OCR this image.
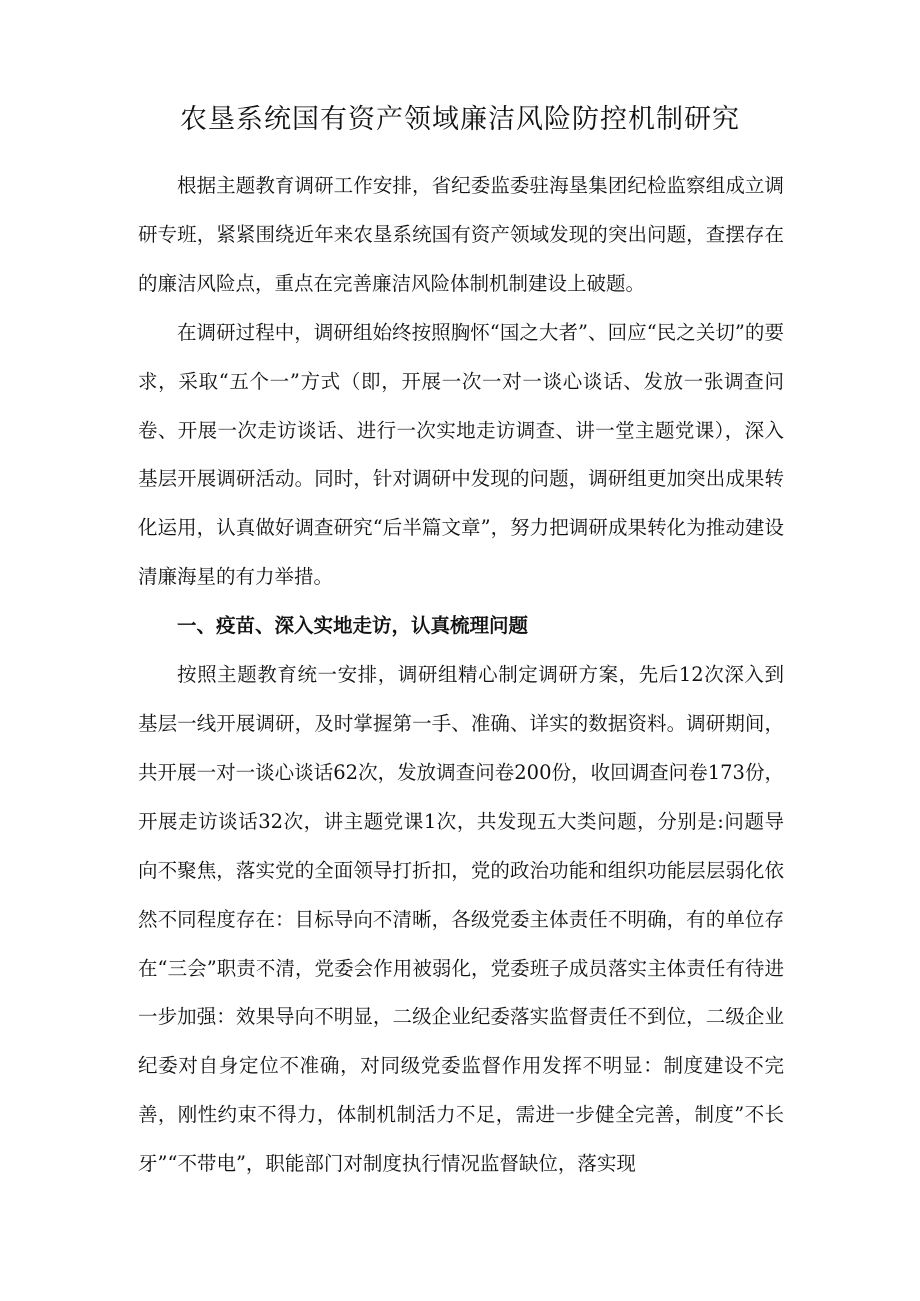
农垦系统国有资产领域廉洁风险防控机制研究

根据主题教育调研工作安排，省纪委监委驻海垦集团纪检监察组成立调研专班，紧紧围绕近年来农垦系统国有资产领域发现的突出问题，查摆存在的廉洁风险点，重点在完善廉洁风险体制机制建设上破题。

在调研过程中，调研组始终按照胸怀“国之大者”、回应“民之关切”的要求，采取“五个一”方式（即，开展一次一对一谈心谈话、发放一张调查问卷、开展一次走访谈话、进行一次实地走访调查、讲一堂主题党课），深入基层开展调研活动。同时，针对调研中发现的问题，调研组更加突出成果转化运用，认真做好调查研究“后半篇文章”，努力把调研成果转化为推动建设清廉海星的有力举措。

一、疫苗、深入实地走访，认真梳理问题

按照主题教育统一安排，调研组精心制定调研方案，先后12次深入到基层一线开展调研，及时掌握第一手、准确、详实的数据资料。调研期间，共开展一对一谈心谈话62次，发放调查问卷200份，收回调查问卷173份，开展走访谈话32次，讲主题党课1次，共发现五大类问题，分别是:问题导向不聚焦，落实党的全面领导打折扣，党的政治功能和组织功能层层弱化依然不同程度存在：目标导向不清晰，各级党委主体责任不明确，有的单位存在“三会”职责不清，党委会作用被弱化，党委班子成员落实主体责任有待进一步加强：效果导向不明显，二级企业纪委落实监督责任不到位，二级企业纪委对自身定位不准确，对同级党委监督作用发挥不明显：制度建设不完善，刚性约束不得力，体制机制活力不足，需进一步健全完善，制度”不长牙”“不带电”，职能部门对制度执行情况监督缺位，落实现
